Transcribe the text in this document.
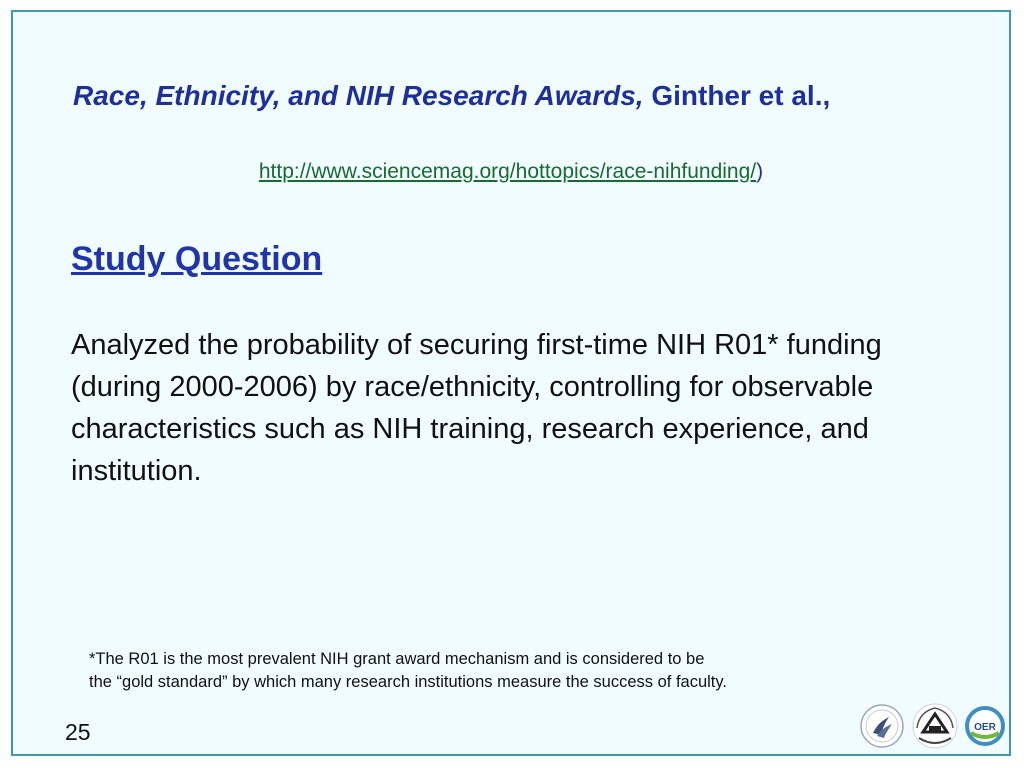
Race, Ethnicity, and NIH Research Awards, Ginther et al.,
http://www.sciencemag.org/hottopics/race-nihfunding/)
Study Question

Analyzed the probability of securing first-time NIH R01* funding (during 2000-2006) by race/ethnicity, controlling for observable characteristics such as NIH training, research experience, and institution.

*The R01 is the most prevalent NIH grant award mechanism and is considered to be
the “gold standard” by which many research institutions measure the success of faculty.

25	OER
